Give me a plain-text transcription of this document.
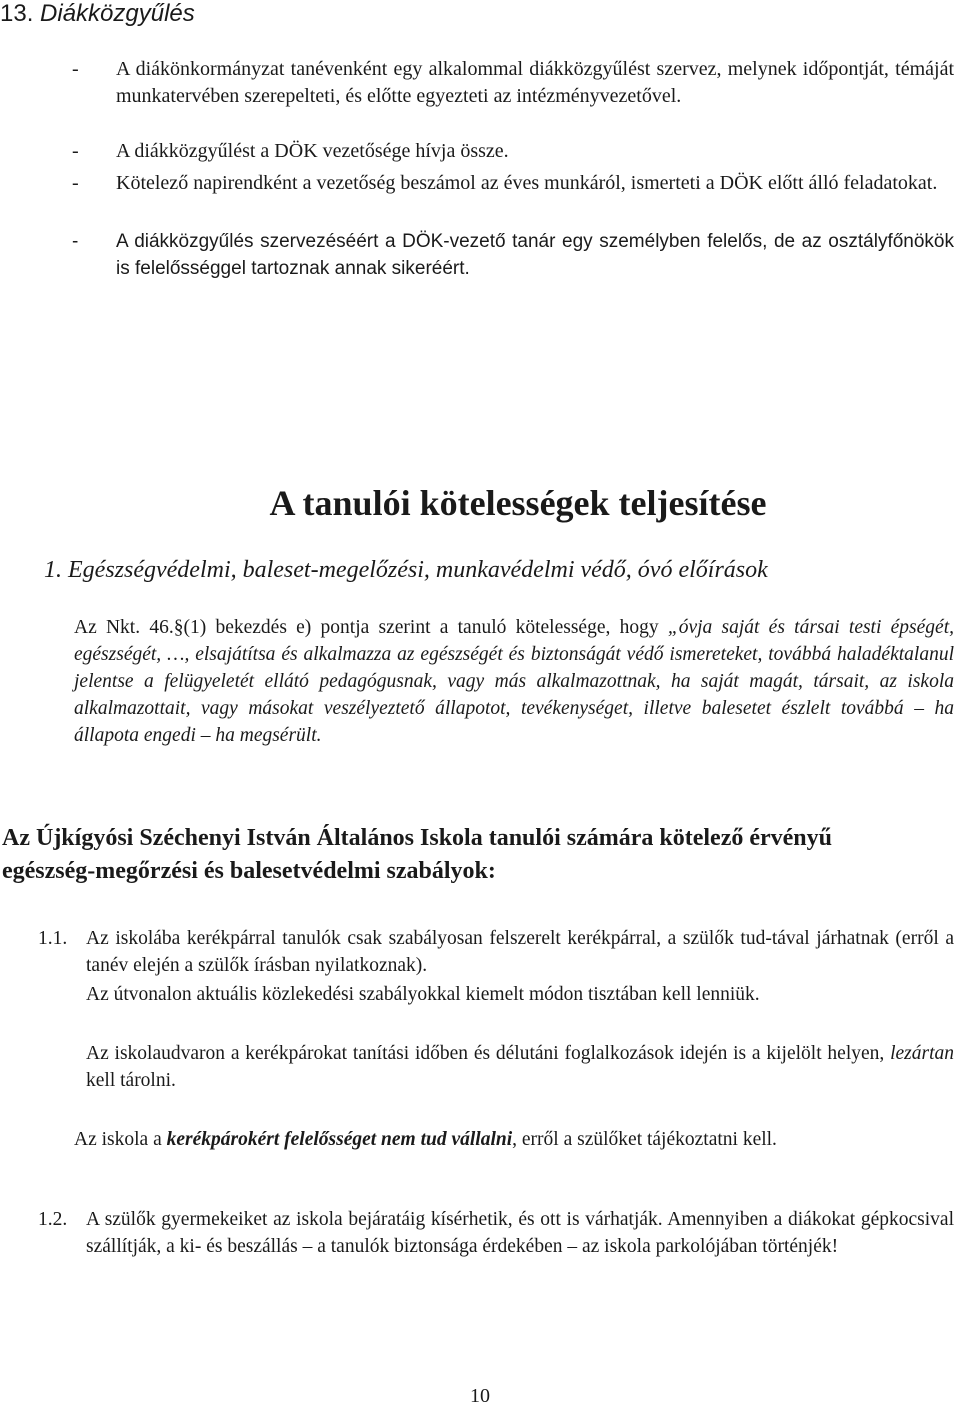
13. Diákközgyűlés
- A diákönkormányzat tanévenként egy alkalommal diákközgyűlést szervez, melynek időpontját, témáját munkatervében szerepelteti, és előtte egyezteti az intézményvezetővel.
- A diákközgyűlést a DÖK vezetősége hívja össze.
- Kötelező napirendként a vezetőség beszámol az éves munkáról, ismerteti a DÖK előtt álló feladatokat.
- A diákközgyűlés szervezéséért a DÖK-vezető tanár egy személyben felelős, de az osztályfőnökök is felelősséggel tartoznak annak sikeréért.
A tanulói kötelességek teljesítése
1. Egészségvédelmi, baleset-megelőzési, munkavédelmi védő, óvó előírások
Az Nkt. 46.§(1) bekezdés e) pontja szerint a tanuló kötelessége, hogy „óvja saját és társai testi épségét, egészségét, …, elsajátítsa és alkalmazza az egészségét és biztonságát védő ismereteket, továbbá haladéktalanul jelentse a felügyeletét ellátó pedagógusnak, vagy más alkalmazottnak, ha saját magát, társait, az iskola alkalmazottait, vagy másokat veszélyeztető állapotot, tevékenységet, illetve balesetet észlelt továbbá – ha állapota engedi – ha megsérült.
Az Újkígyósi Széchenyi István Általános Iskola tanulói számára kötelező érvényű egészség-megőrzési és balesetvédelmi szabályok:
1.1. Az iskolába kerékpárral tanulók csak szabályosan felszerelt kerékpárral, a szülők tud-tával járhatnak (erről a tanév elején a szülők írásban nyilatkoznak).
Az útvonalon aktuális közlekedési szabályokkal kiemelt módon tisztában kell lenniük.
Az iskolaudvaron a kerékpárokat tanítási időben és délutáni foglalkozások idején is a kijelölt helyen, lezártan kell tárolni.
Az iskola a kerékpárokért felelősséget nem tud vállalni, erről a szülőket tájékoztatni kell.
1.2. A szülők gyermekeiket az iskola bejáratáig kísérhetik, és ott is várhatják. Amennyiben a diákokat gépkocsival szállítják, a ki- és beszállás – a tanulók biztonsága érdekében – az iskola parkolójában történjék!
10
